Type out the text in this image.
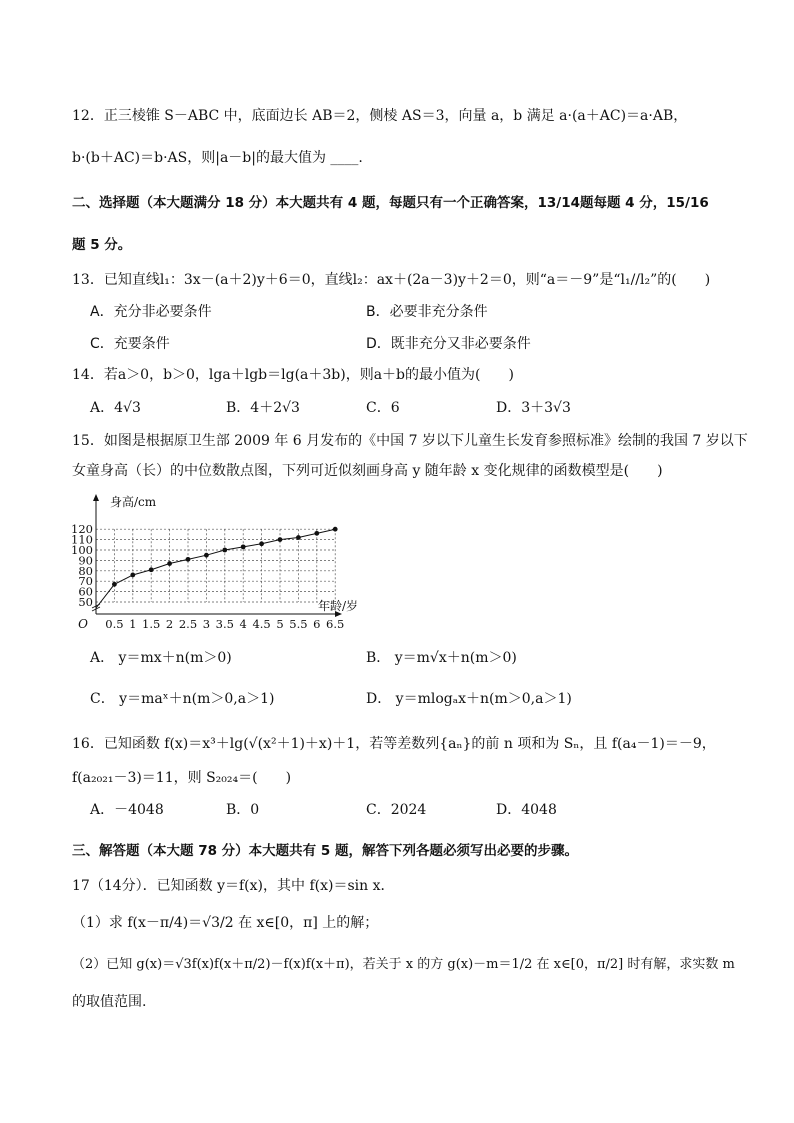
12．正三棱锥 S－ABC 中，底面边长 AB＝2，侧棱 AS＝3，向量 a，b 满足 a·(a＋AC)＝a·AB，
b·(b＋AC)＝b·AS，则|a－b|的最大值为 ____.
二、选择题（本大题满分 18 分）本大题共有 4 题，每题只有一个正确答案，13/14题每题 4 分，15/16
题 5 分。
13．已知直线l₁：3x－(a＋2)y＋6＝0，直线l₂：ax＋(2a－3)y＋2＝0，则“a＝－9”是“l₁//l₂”的(　　)
A．充分非必要条件	B．必要非充分条件
C．充要条件	D．既非充分又非必要条件
14．若a＞0，b＞0，lga＋lgb＝lg(a＋3b)，则a＋b的最小值为(　　)
A．4√3	B．4＋2√3	C．6	D．3＋3√3
15．如图是根据原卫生部 2009 年 6 月发布的《中国 7 岁以下儿童生长发育参照标准》绘制的我国 7 岁以下
女童身高（长）的中位数散点图，下列可近似刻画身高 y 随年龄 x 变化规律的函数模型是(　　)
50
60
70
80
90
100
110
120
0.5 1 1.5 2 2.5 3 3.5 4 4.5 5 5.5 6 6.5
O
身高/cm
年龄/岁
A． y＝mx＋n(m＞0)	B． y＝m√x＋n(m＞0)
C． y＝maˣ＋n(m＞0,a＞1)	D． y＝mlogₐx＋n(m＞0,a＞1)
16．已知函数 f(x)＝x³＋lg(√(x²＋1)＋x)＋1，若等差数列{aₙ}的前 n 项和为 Sₙ，且 f(a₄－1)＝－9，
f(a₂₀₂₁－3)＝11，则 S₂₀₂₄＝(　　)
A．－4048	B．0	C．2024	D．4048
三、解答题（本大题 78 分）本大题共有 5 题，解答下列各题必须写出必要的步骤。
17（14分）．已知函数 y＝f(x)，其中 f(x)＝sin x．
（1）求 f(x－π/4)＝√3/2 在 x∈[0，π] 上的解；
（2）已知 g(x)＝√3f(x)f(x＋π/2)－f(x)f(x＋π)，若关于 x 的方 g(x)－m＝1/2 在 x∈[0，π/2] 时有解，求实数 m
的取值范围.
